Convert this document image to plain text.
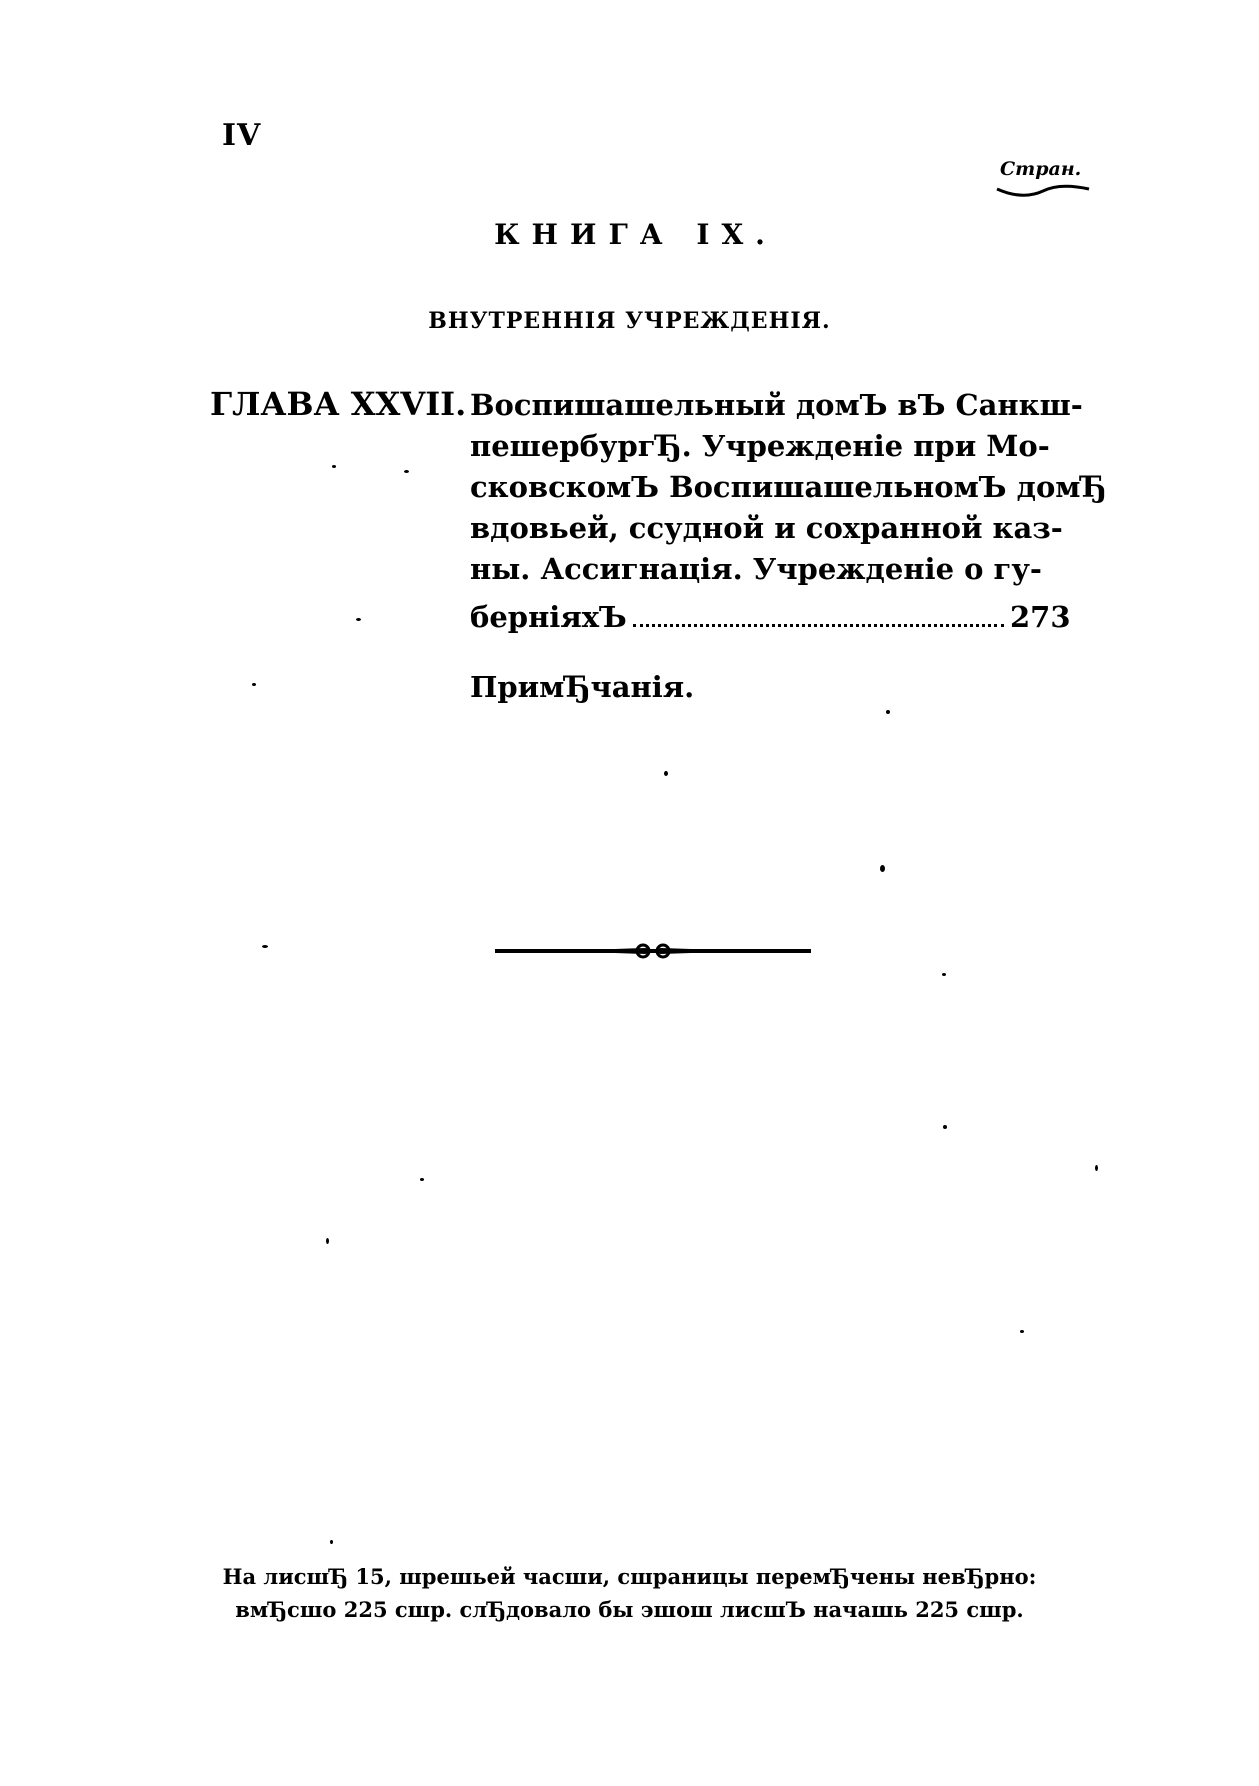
IV
Стран.
КНИГА IX.
ВНУТРЕННІЯ УЧРЕЖДЕНІЯ.
ГЛАВА XXVII. Воспишашельный домЪ вЪ Санкш-
пешербургЂ. Учрежденіе при Мо-
сковскомЪ ВоспишашельномЪ домЂ
вдовьей, ссудной и сохранной каз-
ны. Ассигнація. Учрежденіе о гу-
берніяхЪ	273
ПримЂчанія.
На лисшЂ 15, шрешьей часши, сшраницы перемЂчены невЂрно:
вмЂсшо 225 сшр. слЂдовало бы эшош лисшЪ начашь 225 сшр.
